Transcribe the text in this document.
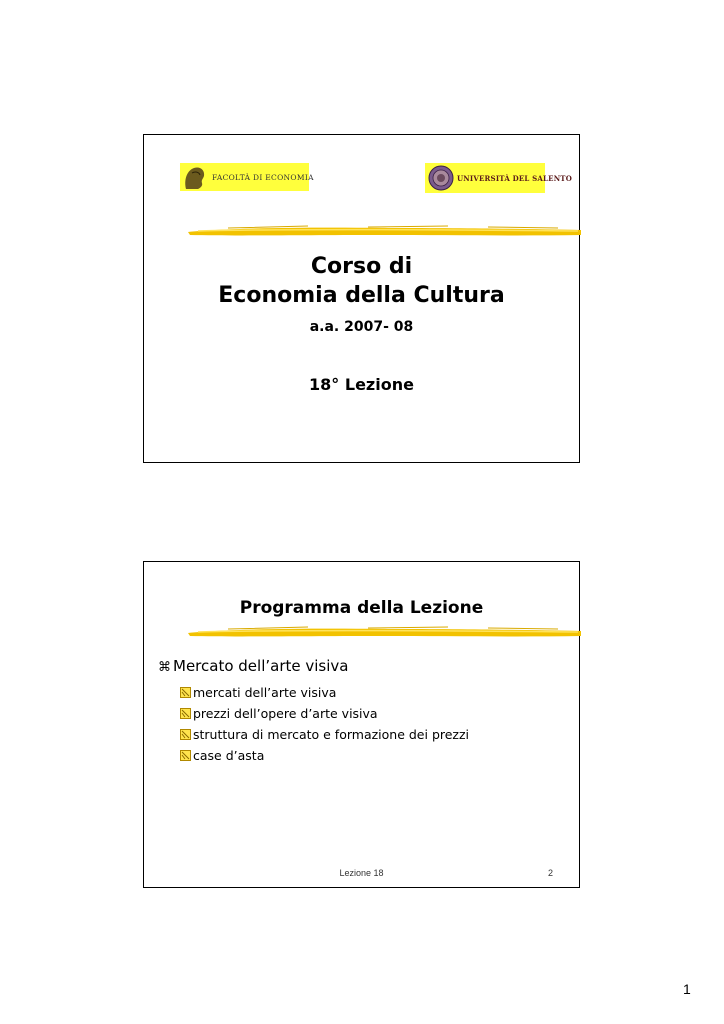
FACOLTÀ DI ECONOMIA	UNIVERSITÀ DEL SALENTO
Corso di
Economia della Cultura
a.a. 2007- 08
18° Lezione
Programma della Lezione
⌘ Mercato dell’arte visiva
mercati dell’arte visiva
prezzi dell’opere d’arte visiva
struttura di mercato e formazione dei prezzi
case d’asta
Lezione 18	2
1
